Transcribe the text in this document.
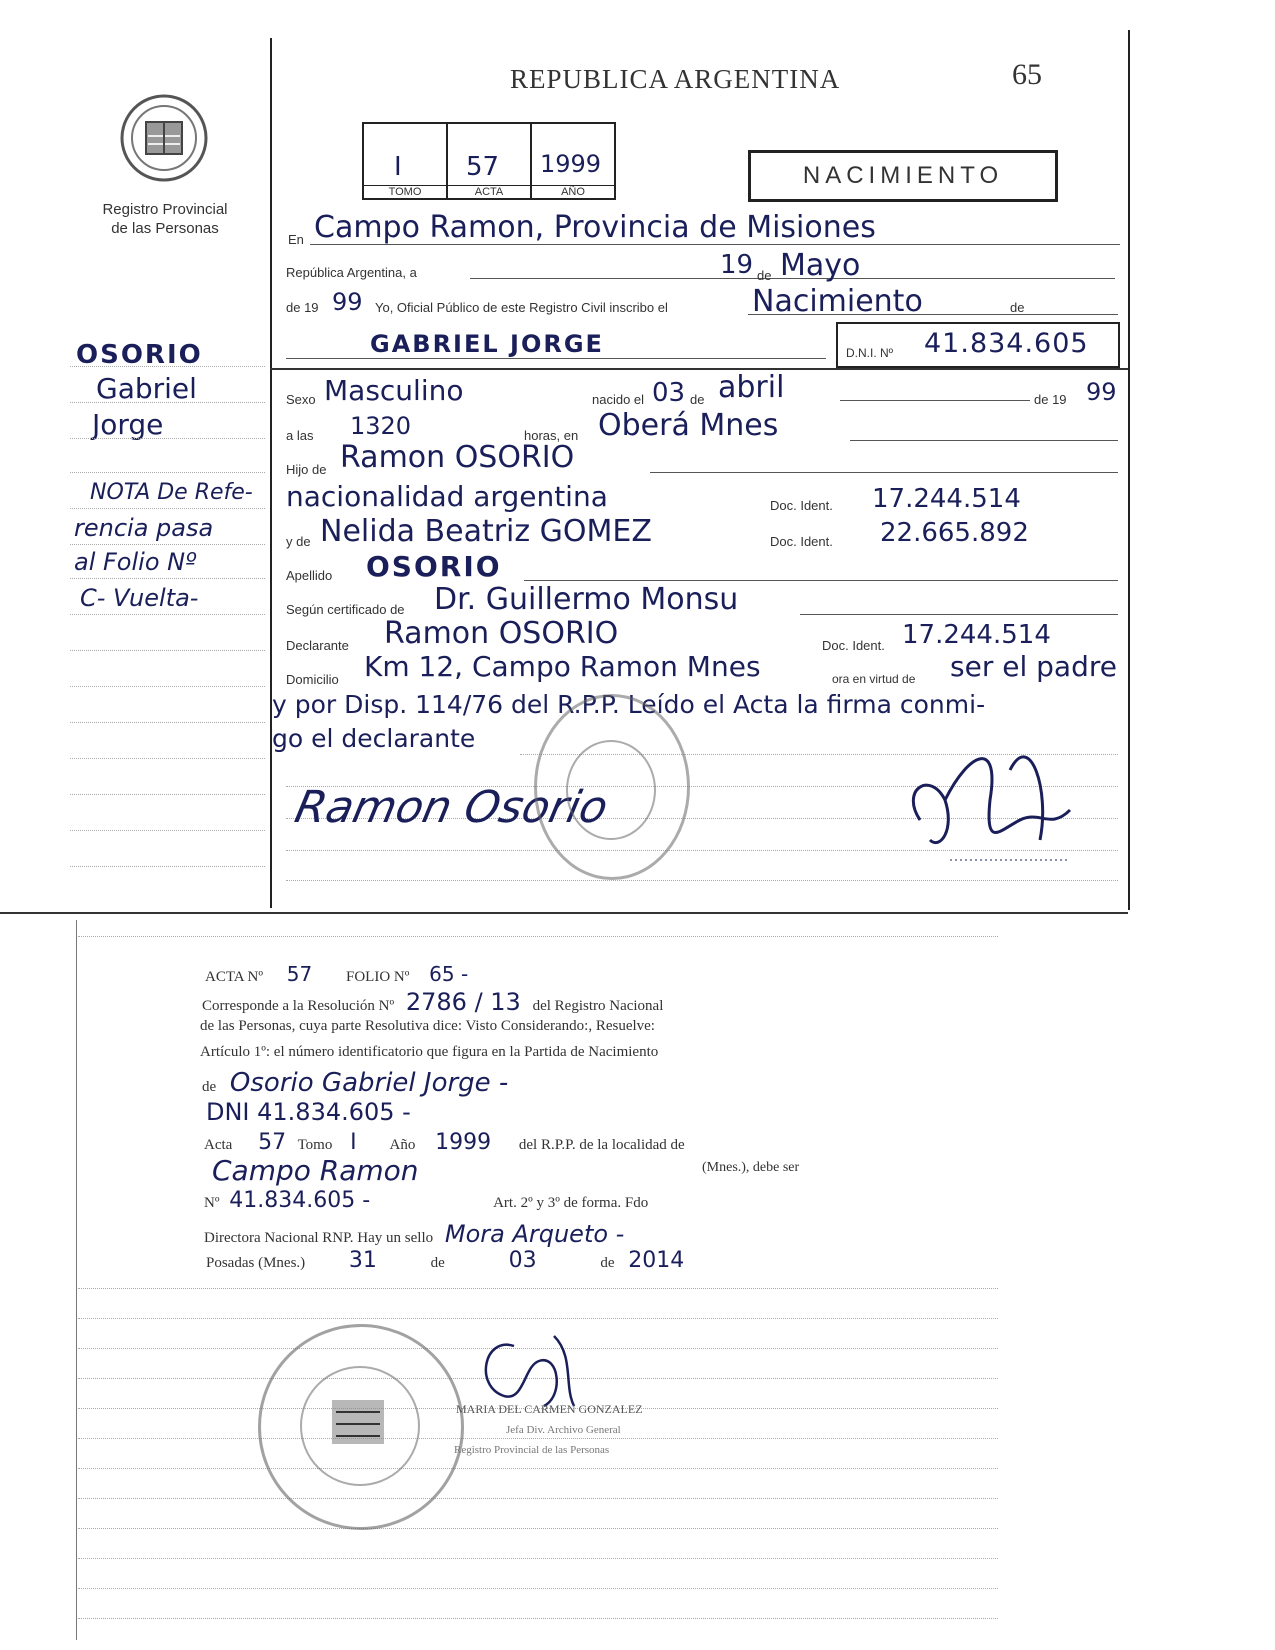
Registro Provincial
de las Personas
REPUBLICA ARGENTINA	65
I
TOMO
57
ACTA
1999
AÑO
NACIMIENTO
En Campo Ramon, Provincia de Misiones
República Argentina, a	19 de Mayo
de 19 99 Yo, Oficial Público de este Registro Civil inscribo el	Nacimiento	de
GABRIEL JORGE	D.N.I. Nº 41.834.605
Sexo Masculino	nacido el 03 de abril	de 19 99
a las 1320	horas, en Oberá Mnes
Hijo de Ramon OSORIO
nacionalidad argentina	Doc. Ident. 17.244.514
y de Nelida Beatriz GOMEZ	Doc. Ident. 22.665.892
Apellido OSORIO
Según certificado de Dr. Guillermo Monsu
Declarante Ramon OSORIO	Doc. Ident. 17.244.514
Domicilio Km 12, Campo Ramon Mnes	ora en virtud de ser el padre
y por Disp. 114/76 del R.P.P. Leído el Acta la firma conmi-
go el declarante
Ramon Osorio
OSORIO
Gabriel
Jorge
NOTA De Refe-
rencia pasa
al Folio Nº
C- Vuelta-
ACTA Nº 57 FOLIO Nº 65 -
Corresponde a la Resolución Nº 2786 / 13 del Registro Nacional
de las Personas, cuya parte Resolutiva dice: Visto Considerando:, Resuelve:
Artículo 1º: el número identificatorio que figura en la Partida de Nacimiento
de Osorio Gabriel Jorge -
DNI 41.834.605 -
Acta 57 Tomo I Año 1999 del R.P.P. de la localidad de
Campo Ramon	(Mnes.), debe ser
Nº 41.834.605 -	Art. 2º y 3º de forma. Fdo
Directora Nacional RNP. Hay un sello Mora Arqueto -
Posadas (Mnes.) 31	de	03	de 2014
MARIA DEL CARMEN GONZALEZ
Jefa Div. Archivo General
Registro Provincial de las Personas
